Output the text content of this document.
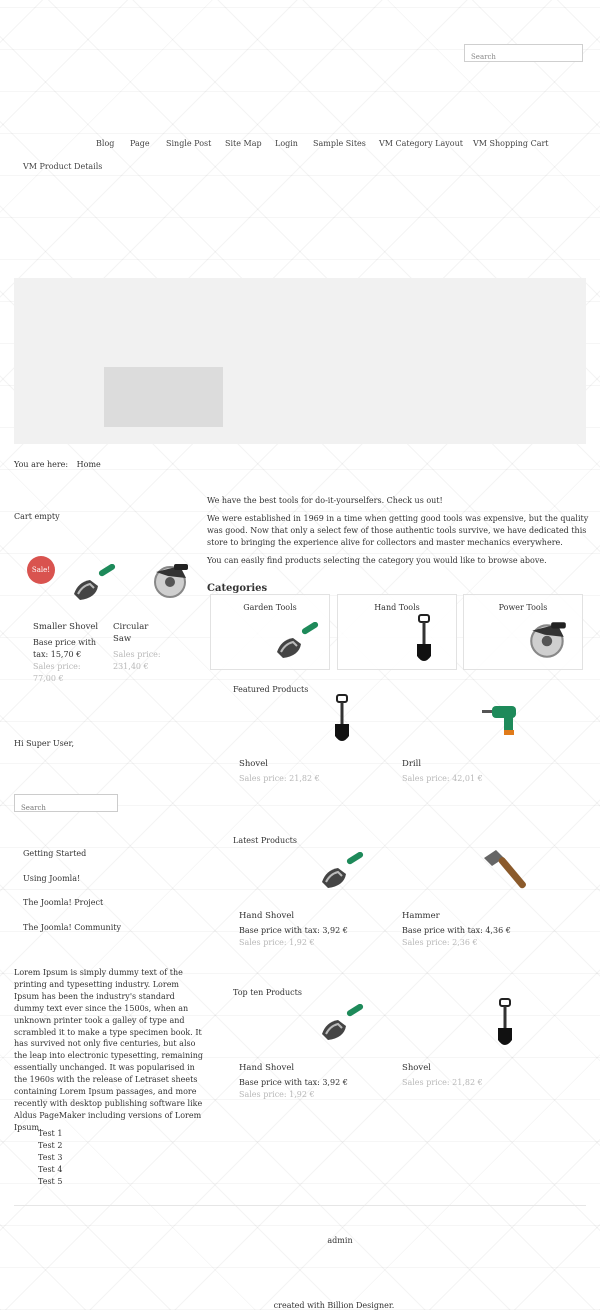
Search
Blog Page Single Post Site Map Login Sample Sites VM Category Layout VM Shopping Cart
VM Product Details
You are here: Home
Cart empty
Sale!
Smaller Shovel
Base price with tax: 15,70 €
Sales price: 77,00 €
Circular Saw
Sales price: 231,40 €
Hi Super User,
Search
Getting Started
Using Joomla!
The Joomla! Project
The Joomla! Community
Lorem Ipsum is simply dummy text of the printing and typesetting industry. Lorem Ipsum has been the industry's standard dummy text ever since the 1500s, when an unknown printer took a galley of type and scrambled it to make a type specimen book. It has survived not only five centuries, but also the leap into electronic typesetting, remaining essentially unchanged. It was popularised in the 1960s with the release of Letraset sheets containing Lorem Ipsum passages, and more recently with desktop publishing software like Aldus PageMaker including versions of Lorem Ipsum.
Test 1
Test 2
Test 3
Test 4
Test 5

We have the best tools for do-it-yourselfers. Check us out!

We were established in 1969 in a time when getting good tools was expensive, but the quality was good. Now that only a select few of those authentic tools survive, we have dedicated this store to bringing the experience alive for collectors and master mechanics everywhere.

You can easily find products selecting the category you would like to browse above.

Categories
Garden Tools	Hand Tools	Power Tools
Featured Products
Shovel
Sales price: 21,82 €
Drill
Sales price: 42,01 €
Latest Products
Hand Shovel
Base price with tax: 3,92 €
Sales price: 1,92 €
Hammer
Base price with tax: 4,36 €
Sales price: 2,36 €
Top ten Products
Hand Shovel
Base price with tax: 3,92 €
Sales price: 1,92 €
Shovel
Sales price: 21,82 €
admin
created with Billion Designer.
